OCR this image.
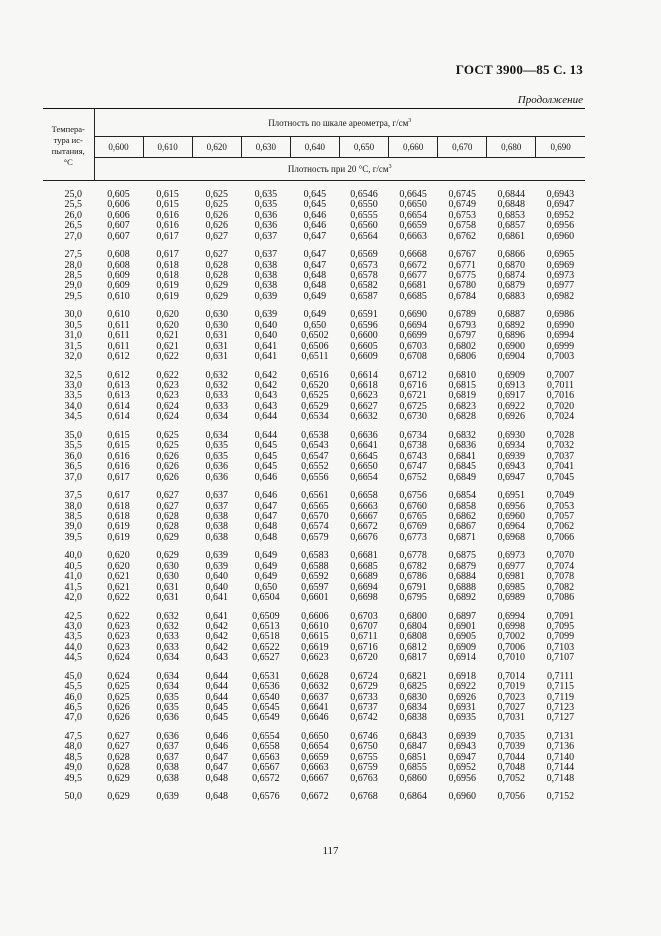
ГОСТ 3900—85 С. 13
Продолжение
Темпера-
тура ис-
пытания,
°С	Плотность по шкале ареометра, $г/см^3$
	0,600	0,610	0,620	0,630	0,640	0,650	0,660	0,670	0,680	0,690
	Плотность при 20 °С, $г/см^3$

25,0	0,605	0,615	0,625	0,635	0,645	0,6546	0,6645	0,6745	0,6844	0,6943
25,5	0,606	0,615	0,625	0,635	0,645	0,6550	0,6650	0,6749	0,6848	0,6947
26,0	0,606	0,616	0,626	0,636	0,646	0,6555	0,6654	0,6753	0,6853	0,6952
26,5	0,607	0,616	0,626	0,636	0,646	0,6560	0,6659	0,6758	0,6857	0,6956
27,0	0,607	0,617	0,627	0,637	0,647	0,6564	0,6663	0,6762	0,6861	0,6960

27,5	0,608	0,617	0,627	0,637	0,647	0,6569	0,6668	0,6767	0,6866	0,6965
28,0	0,608	0,618	0,628	0,638	0,647	0,6573	0,6672	0,6771	0,6870	0,6969
28,5	0,609	0,618	0,628	0,638	0,648	0,6578	0,6677	0,6775	0,6874	0,6973
29,0	0,609	0,619	0,629	0,638	0,648	0,6582	0,6681	0,6780	0,6879	0,6977
29,5	0,610	0,619	0,629	0,639	0,649	0,6587	0,6685	0,6784	0,6883	0,6982

30,0	0,610	0,620	0,630	0,639	0,649	0,6591	0,6690	0,6789	0,6887	0,6986
30,5	0,611	0,620	0,630	0,640	0,650	0,6596	0,6694	0,6793	0,6892	0,6990
31,0	0,611	0,621	0,631	0,640	0,6502	0,6600	0,6699	0,6797	0,6896	0,6994
31,5	0,611	0,621	0,631	0,641	0,6506	0,6605	0,6703	0,6802	0,6900	0,6999
32,0	0,612	0,622	0,631	0,641	0,6511	0,6609	0,6708	0,6806	0,6904	0,7003

32,5	0,612	0,622	0,632	0,642	0,6516	0,6614	0,6712	0,6810	0,6909	0,7007
33,0	0,613	0,623	0,632	0,642	0,6520	0,6618	0,6716	0,6815	0,6913	0,7011
33,5	0,613	0,623	0,633	0,643	0,6525	0,6623	0,6721	0,6819	0,6917	0,7016
34,0	0,614	0,624	0,633	0,643	0,6529	0,6627	0,6725	0,6823	0,6922	0,7020
34,5	0,614	0,624	0,634	0,644	0,6534	0,6632	0,6730	0,6828	0,6926	0,7024

35,0	0,615	0,625	0,634	0,644	0,6538	0,6636	0,6734	0,6832	0,6930	0,7028
35,5	0,615	0,625	0,635	0,645	0,6543	0,6641	0,6738	0,6836	0,6934	0,7032
36,0	0,616	0,626	0,635	0,645	0,6547	0,6645	0,6743	0,6841	0,6939	0,7037
36,5	0,616	0,626	0,636	0,645	0,6552	0,6650	0,6747	0,6845	0,6943	0,7041
37,0	0,617	0,626	0,636	0,646	0,6556	0,6654	0,6752	0,6849	0,6947	0,7045

37,5	0,617	0,627	0,637	0,646	0,6561	0,6658	0,6756	0,6854	0,6951	0,7049
38,0	0,618	0,627	0,637	0,647	0,6565	0,6663	0,6760	0,6858	0,6956	0,7053
38,5	0,618	0,628	0,638	0,647	0,6570	0,6667	0,6765	0,6862	0,6960	0,7057
39,0	0,619	0,628	0,638	0,648	0,6574	0,6672	0,6769	0,6867	0,6964	0,7062
39,5	0,619	0,629	0,638	0,648	0,6579	0,6676	0,6773	0,6871	0,6968	0,7066

40,0	0,620	0,629	0,639	0,649	0,6583	0,6681	0,6778	0,6875	0,6973	0,7070
40,5	0,620	0,630	0,639	0,649	0,6588	0,6685	0,6782	0,6879	0,6977	0,7074
41,0	0,621	0,630	0,640	0,649	0,6592	0,6689	0,6786	0,6884	0,6981	0,7078
41,5	0,621	0,631	0,640	0,650	0,6597	0,6694	0,6791	0,6888	0,6985	0,7082
42,0	0,622	0,631	0,641	0,6504	0,6601	0,6698	0,6795	0,6892	0,6989	0,7086

42,5	0,622	0,632	0,641	0,6509	0,6606	0,6703	0,6800	0,6897	0,6994	0,7091
43,0	0,623	0,632	0,642	0,6513	0,6610	0,6707	0,6804	0,6901	0,6998	0,7095
43,5	0,623	0,633	0,642	0,6518	0,6615	0,6711	0,6808	0,6905	0,7002	0,7099
44,0	0,623	0,633	0,642	0,6522	0,6619	0,6716	0,6812	0,6909	0,7006	0,7103
44,5	0,624	0,634	0,643	0,6527	0,6623	0,6720	0,6817	0,6914	0,7010	0,7107

45,0	0,624	0,634	0,644	0,6531	0,6628	0,6724	0,6821	0,6918	0,7014	0,7111
45,5	0,625	0,634	0,644	0,6536	0,6632	0,6729	0,6825	0,6922	0,7019	0,7115
46,0	0,625	0,635	0,644	0,6540	0,6637	0,6733	0,6830	0,6926	0,7023	0,7119
46,5	0,626	0,635	0,645	0,6545	0,6641	0,6737	0,6834	0,6931	0,7027	0,7123
47,0	0,626	0,636	0,645	0,6549	0,6646	0,6742	0,6838	0,6935	0,7031	0,7127

47,5	0,627	0,636	0,646	0,6554	0,6650	0,6746	0,6843	0,6939	0,7035	0,7131
48,0	0,627	0,637	0,646	0,6558	0,6654	0,6750	0,6847	0,6943	0,7039	0,7136
48,5	0,628	0,637	0,647	0,6563	0,6659	0,6755	0,6851	0,6947	0,7044	0,7140
49,0	0,628	0,638	0,647	0,6567	0,6663	0,6759	0,6855	0,6952	0,7048	0,7144
49,5	0,629	0,638	0,648	0,6572	0,6667	0,6763	0,6860	0,6956	0,7052	0,7148

50,0	0,629	0,639	0,648	0,6576	0,6672	0,6768	0,6864	0,6960	0,7056	0,7152
117
